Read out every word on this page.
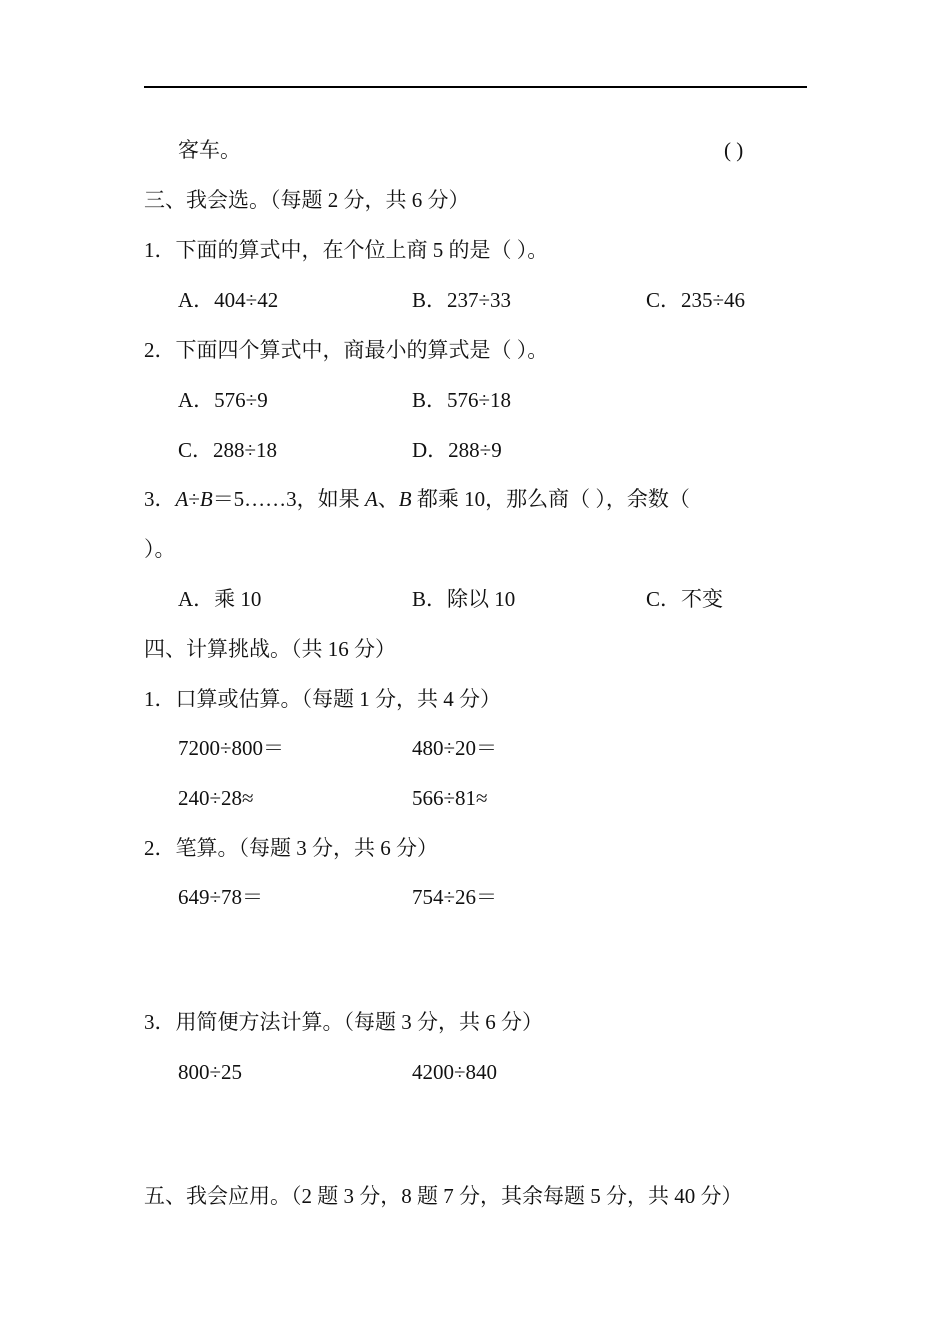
客车。	( )
三、我会选。（每题 2 分，共 6 分）
1．下面的算式中，在个位上商 5 的是（ ）。
A．404÷42	B．237÷33	C．235÷46
2．下面四个算式中，商最小的算式是（ ）。
A．576÷9	B．576÷18
C．288÷18	D．288÷9
3．A÷B＝5……3，如果 A、B 都乘 10，那么商（ ），余数（
）。
A．乘 10	B．除以 10	C．不变
四、计算挑战。（共 16 分）
1．口算或估算。（每题 1 分，共 4 分）
7200÷800＝	480÷20＝
240÷28≈	566÷81≈
2．笔算。（每题 3 分，共 6 分）
649÷78＝	754÷26＝
3．用简便方法计算。（每题 3 分，共 6 分）
800÷25	4200÷840
五、我会应用。（2 题 3 分，8 题 7 分，其余每题 5 分，共 40 分）
